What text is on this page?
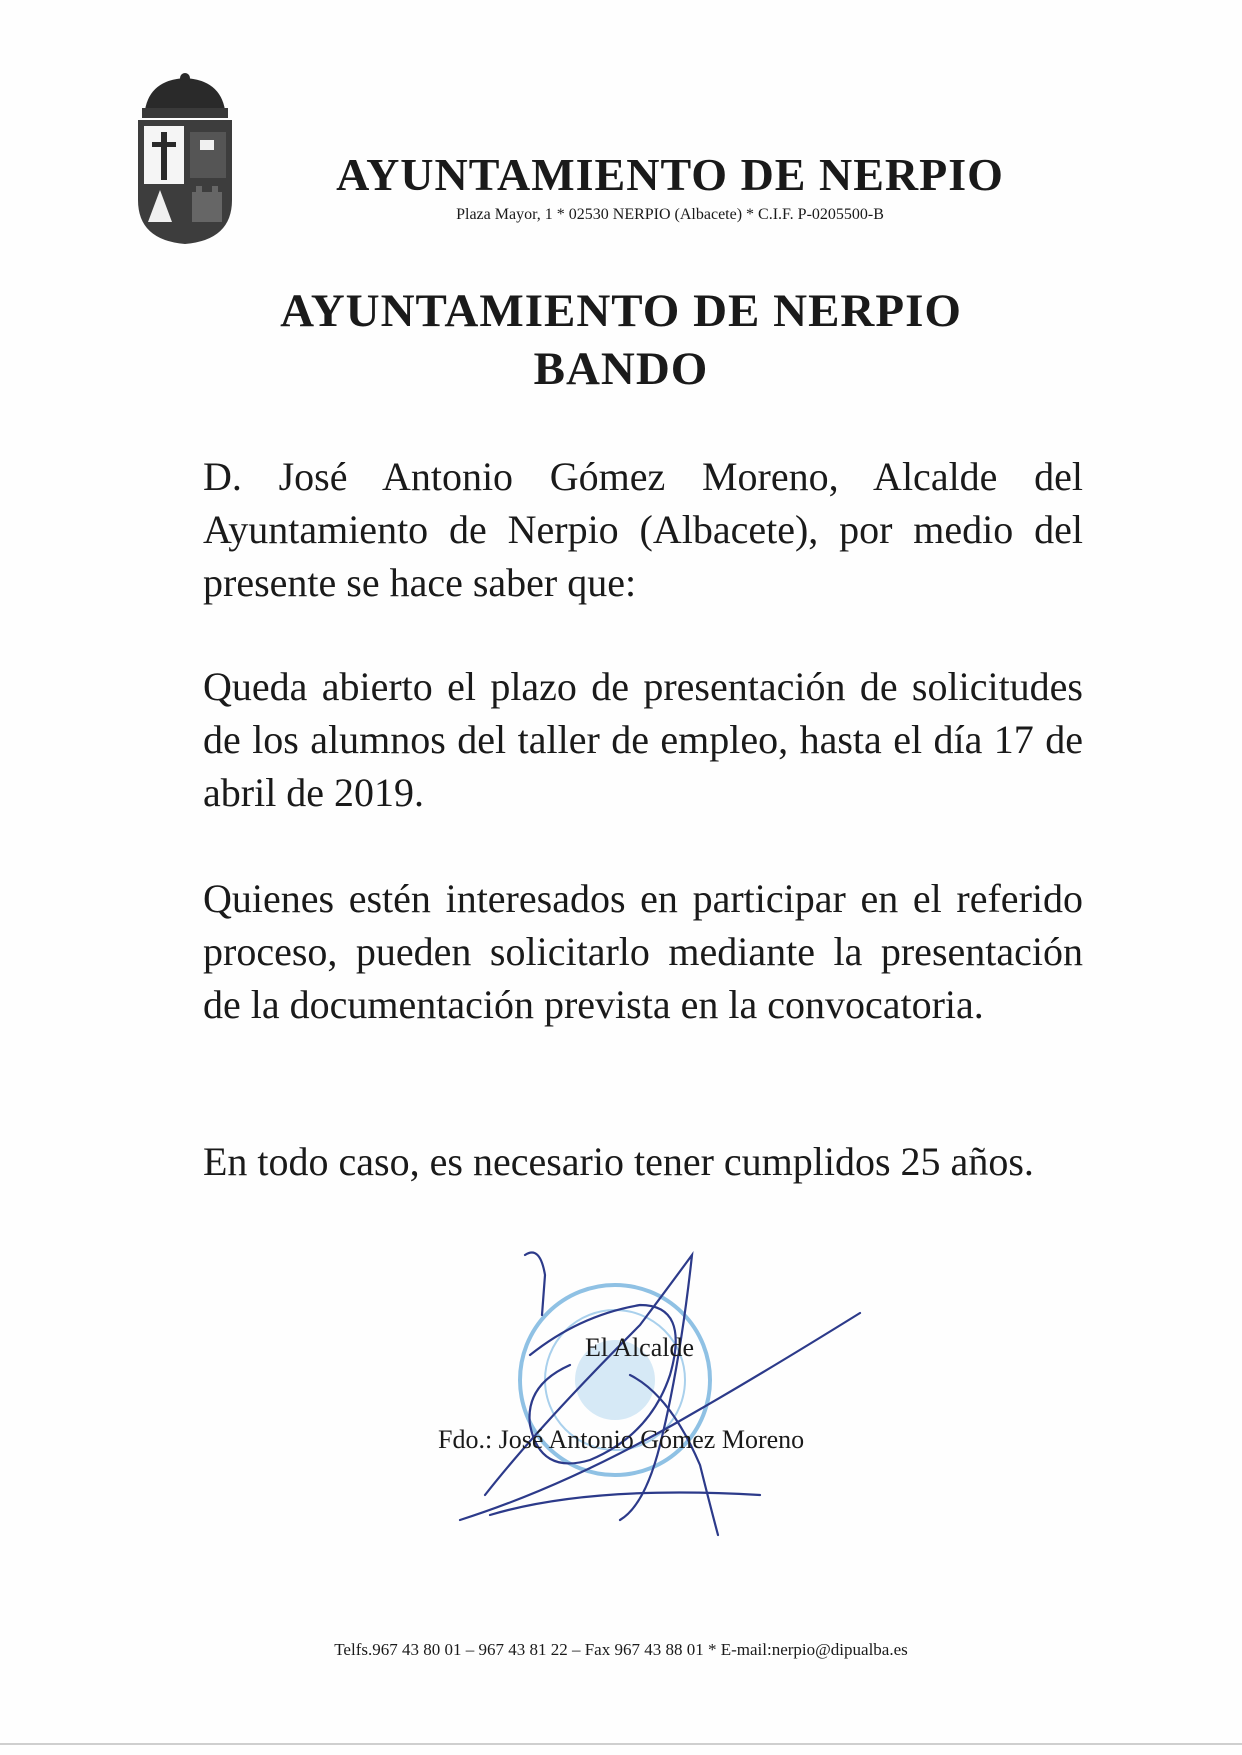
AYUNTAMIENTO DE NERPIO
Plaza Mayor, 1 * 02530 NERPIO (Albacete) * C.I.F. P-0205500-B
AYUNTAMIENTO DE NERPIO
BANDO
D. José Antonio Gómez Moreno, Alcalde del Ayuntamiento de Nerpio (Albacete), por medio del presente se hace saber que:
Queda abierto el plazo de presentación de solicitudes de los alumnos del taller de empleo, hasta el día 17 de abril de 2019.
Quienes estén interesados en participar en el referido proceso, pueden solicitarlo mediante la presentación de la documentación prevista en la convocatoria.
En todo caso, es necesario tener cumplidos 25 años.
El Alcalde
Fdo.: José Antonio Gómez Moreno
Telfs.967 43 80 01 – 967 43 81 22 – Fax 967 43 88 01 * E-mail:nerpio@dipualba.es
